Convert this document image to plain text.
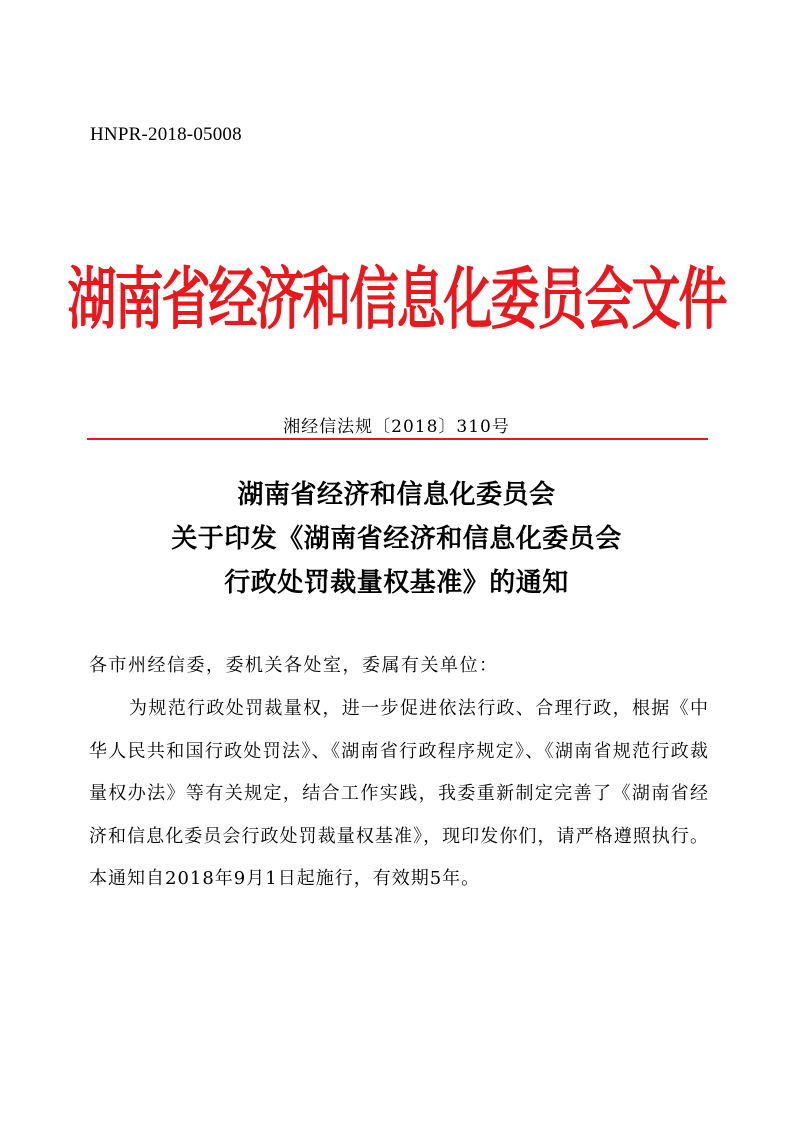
HNPR-2018-05008
湖南省经济和信息化委员会文件
湘经信法规〔2018〕310号
湖南省经济和信息化委员会
关于印发《湖南省经济和信息化委员会
行政处罚裁量权基准》的通知
各市州经信委，委机关各处室，委属有关单位：
为规范行政处罚裁量权，进一步促进依法行政、合理行政，根据《中华人民共和国行政处罚法》、《湖南省行政程序规定》、《湖南省规范行政裁量权办法》等有关规定，结合工作实践，我委重新制定完善了《湖南省经济和信息化委员会行政处罚裁量权基准》，现印发你们，请严格遵照执行。本通知自2018年9月1日起施行，有效期5年。
